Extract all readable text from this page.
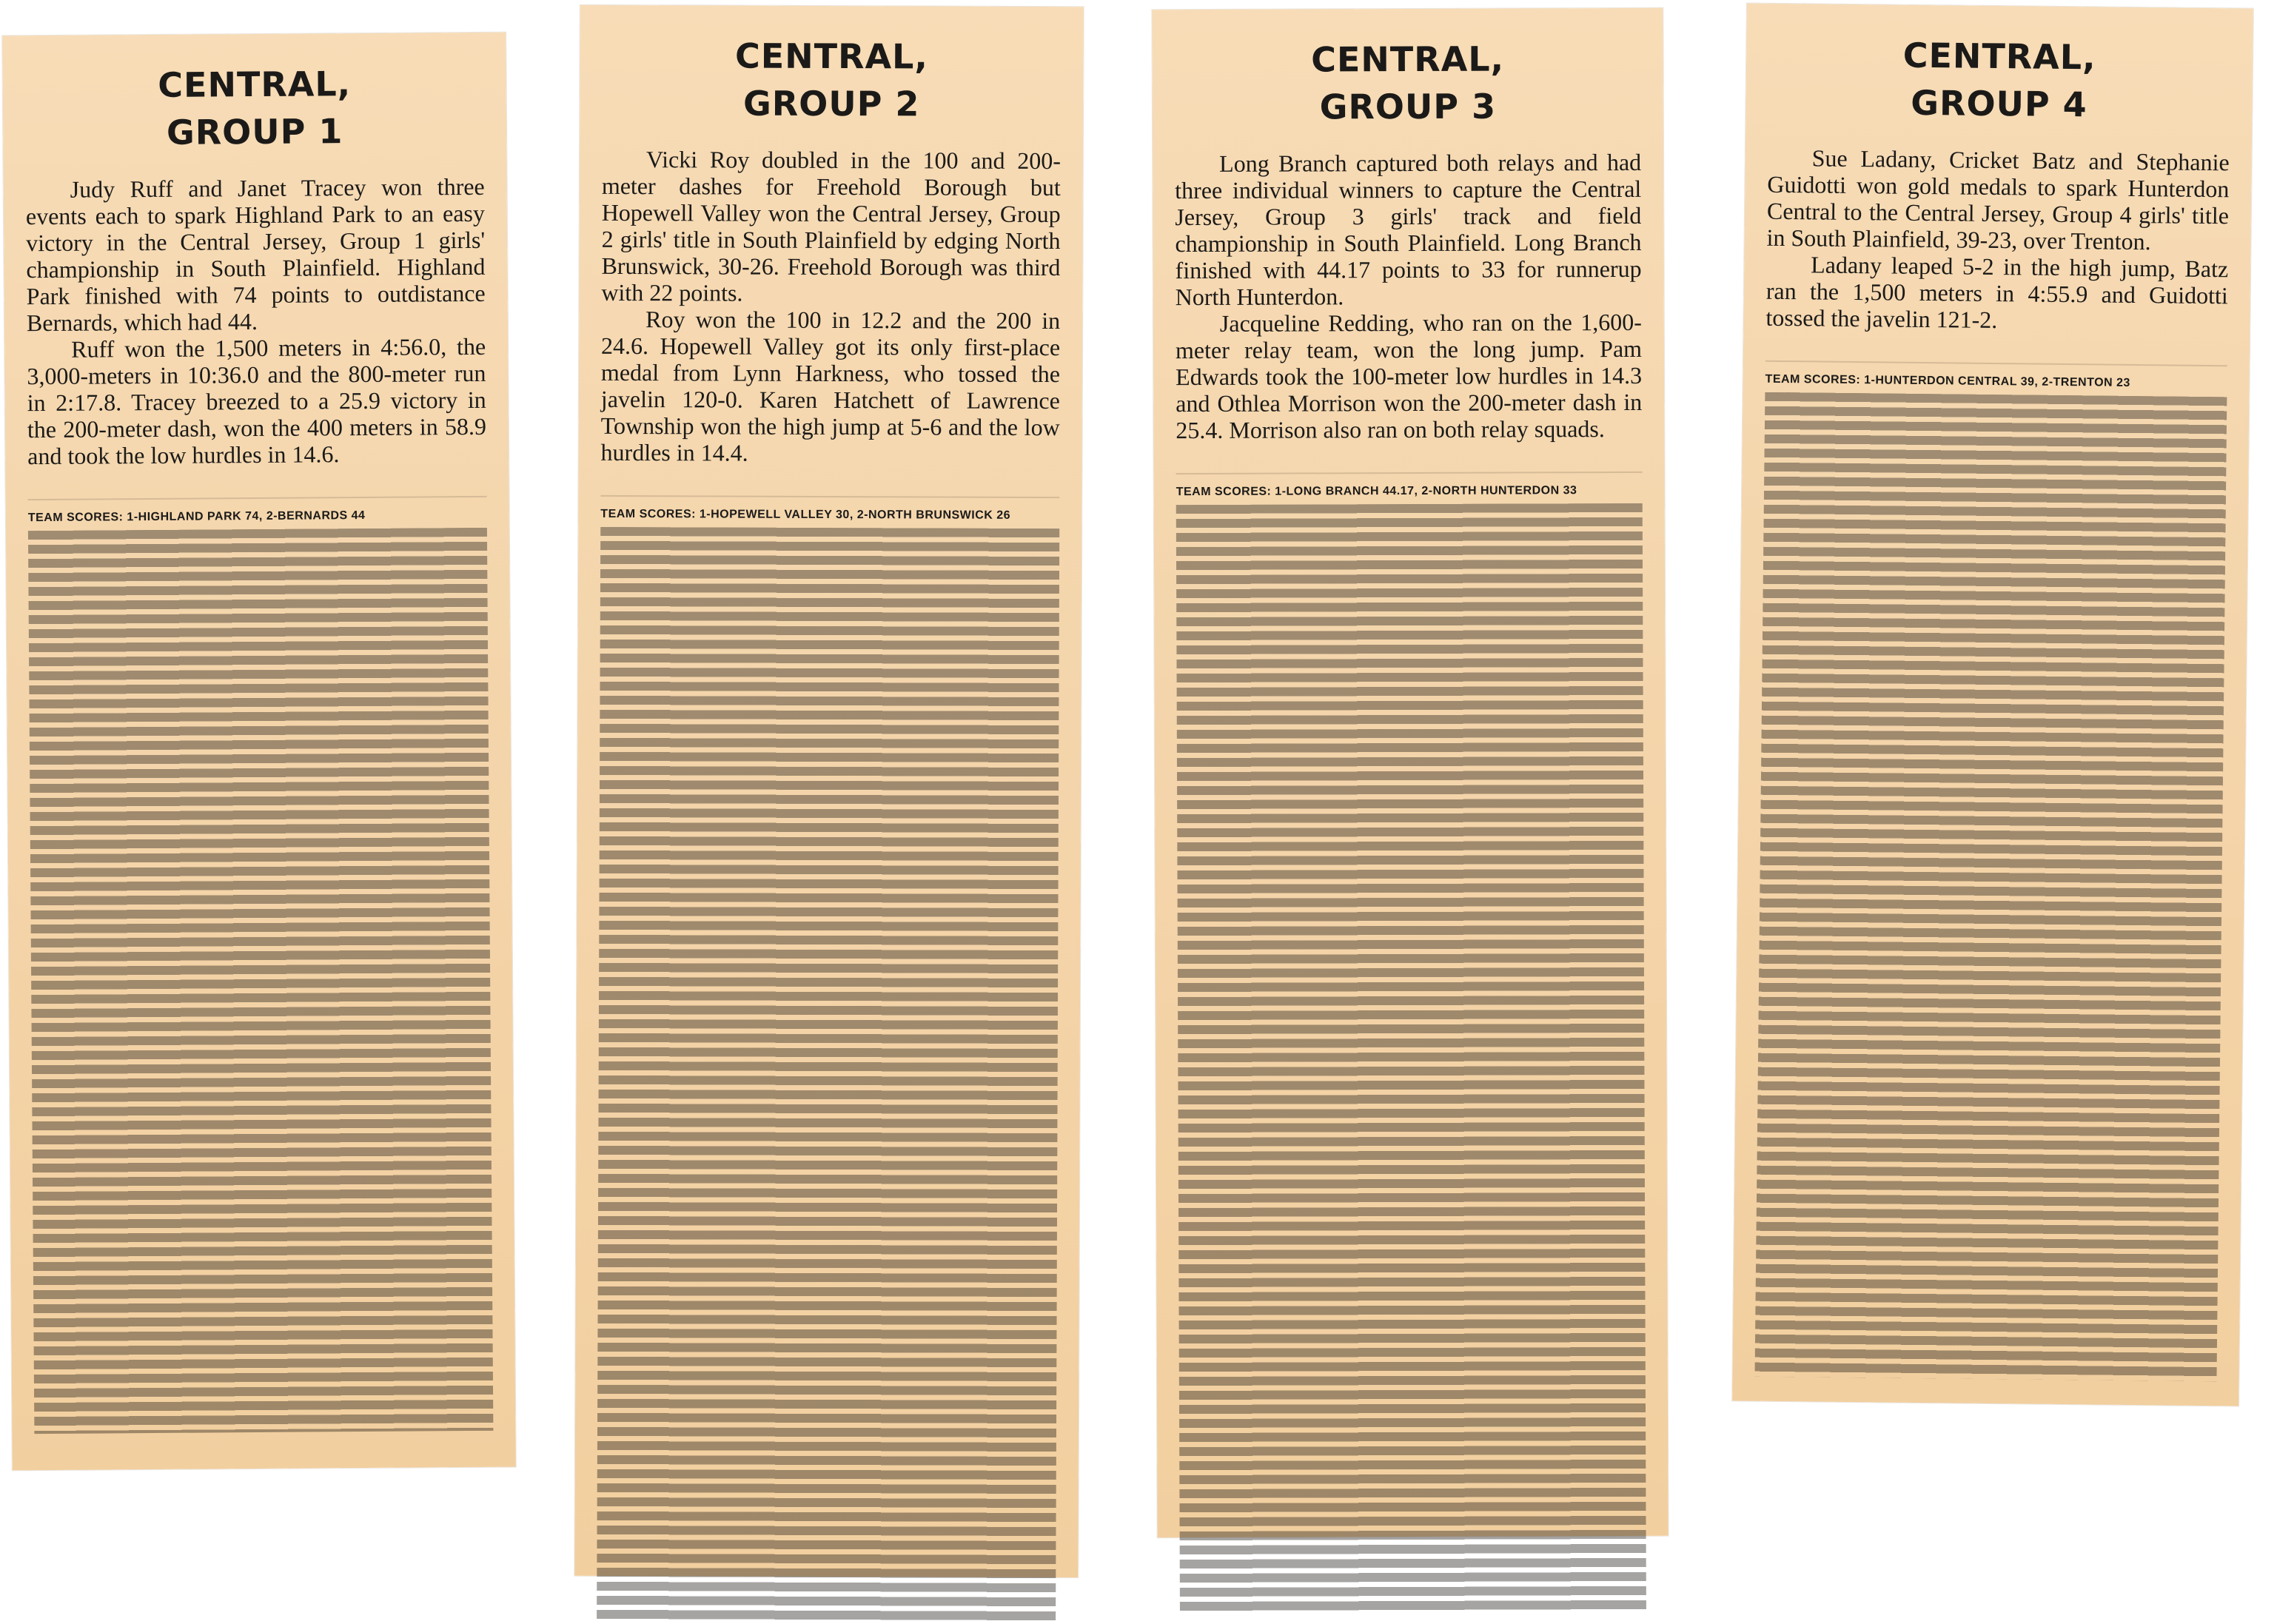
CENTRAL,
GROUP 1

Judy Ruff and Janet Tracey won three events each to spark Highland Park to an easy victory in the Central Jersey, Group 1 girls' championship in South Plainfield. Highland Park finished with 74 points to outdistance Bernards, which had 44.

Ruff won the 1,500 meters in 4:56.0, the 3,000-meters in 10:36.0 and the 800-meter run in 2:17.8. Tracey breezed to a 25.9 victory in the 200-meter dash, won the 400 meters in 58.9 and took the low hurdles in 14.6.

TEAM SCORES: 1-HIGHLAND PARK 74, 2-BERNARDS 44
CENTRAL,
GROUP 2

Vicki Roy doubled in the 100 and 200-meter dashes for Freehold Borough but Hopewell Valley won the Central Jersey, Group 2 girls' title in South Plainfield by edging North Brunswick, 30-26. Freehold Borough was third with 22 points.

Roy won the 100 in 12.2 and the 200 in 24.6. Hopewell Valley got its only first-place medal from Lynn Harkness, who tossed the javelin 120-0. Karen Hatchett of Lawrence Township won the high jump at 5-6 and the low hurdles in 14.4.

TEAM SCORES: 1-HOPEWELL VALLEY 30, 2-NORTH BRUNSWICK 26
CENTRAL,
GROUP 3

Long Branch captured both relays and had three individual winners to capture the Central Jersey, Group 3 girls' track and field championship in South Plainfield. Long Branch finished with 44.17 points to 33 for runnerup North Hunterdon.

Jacqueline Redding, who ran on the 1,600-meter relay team, won the long jump. Pam Edwards took the 100-meter low hurdles in 14.3 and Othlea Morrison won the 200-meter dash in 25.4. Morrison also ran on both relay squads.

TEAM SCORES: 1-LONG BRANCH 44.17, 2-NORTH HUNTERDON 33
CENTRAL,
GROUP 4

Sue Ladany, Cricket Batz and Stephanie Guidotti won gold medals to spark Hunterdon Central to the Central Jersey, Group 4 girls' title in South Plainfield, 39-23, over Trenton.

Ladany leaped 5-2 in the high jump, Batz ran the 1,500 meters in 4:55.9 and Guidotti tossed the javelin 121-2.

TEAM SCORES: 1-HUNTERDON CENTRAL 39, 2-TRENTON 23
